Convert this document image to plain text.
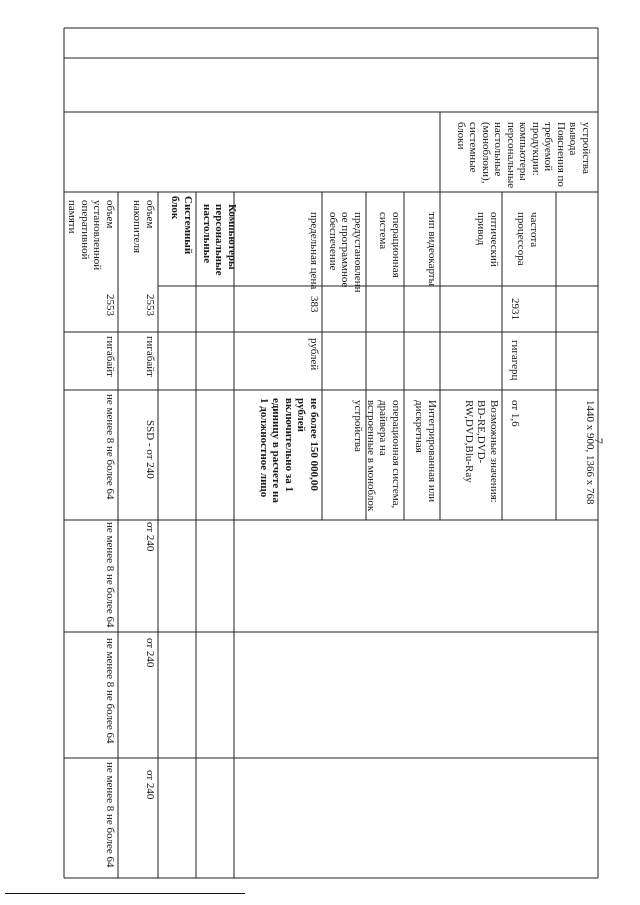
7
устройства
вывода
Пояснения по
требуемой
продукции:
компьютеры
персональные
настольные
(моноблоки),
системные
блоки
Компьютеры
персональные
настольные
Системный
блок
1440 x 900, 1366 x 768
частота
процессора
2931
гигагерц
от 1,6
оптический
привод
Возможные значения:
BD-RE,DVD-
RW,DVD,Blu-Ray
тип видеокарты
Интегрированная или
дискретная
операционная
система
операционная система,
драйвера на
встроенные в моноблок
устройства
предустановленн
ое программное
обеспечение
предельная цена
383
рублей
не более 150 000,00
рублей
включительно за 1
единицу в расчете на
1 должностное лицо
объем
накопителя
2553
гигабайт
SSD - от 240
от 240
от 240
от 240
объем
установленной
оперативной
памяти
2553
гигабайт
не менее 8 не более 64
не менее 8 не более 64
не менее 8 не более 64
не менее 8 не более 64
